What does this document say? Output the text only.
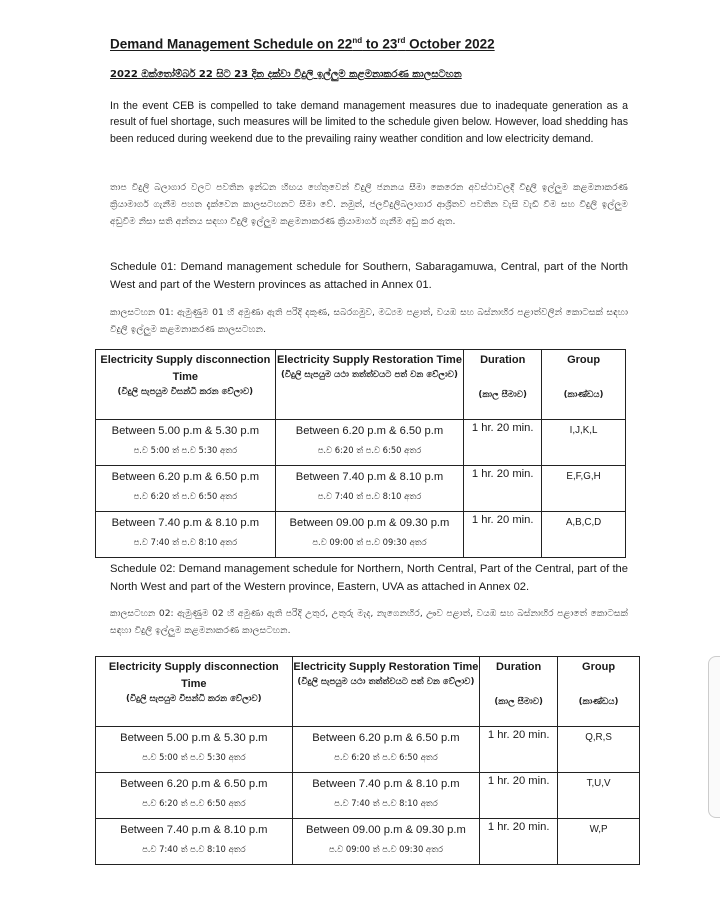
Demand Management Schedule on 22nd to 23rd October 2022
2022 ඔක්තෝම්බර් 22 සිට 23 දින දක්වා විදුලි ඉල්ලුම කළමනාකරණ කාලසටහන
In the event CEB is compelled to take demand management measures due to inadequate generation as a result of fuel shortage, such measures will be limited to the schedule given below. However, load shedding has been reduced during weekend due to the prevailing rainy weather condition and low electricity demand.
තාප විදුලි බලාගාර වලට පවතින ඉන්ධන හිඟය හේතුවෙන් විදුලි ජනනය සීමා කෙරෙන අවස්ථාවලදී විදුලි ඉල්ලුම කළමනාකරණ ක්‍රියාමාර්ග ගැනීම පහත දැක්වෙන කාලසටහනට සීමා වේ. නමුත්, ජලවිදුලිබලාගාර ආශ්‍රිතව පවතින වැසි වැඩි වීම සහ විදුලි ඉල්ලුම අඩුවීම නිසා සති අන්තය සඳහා විදුලි ඉල්ලුම කළමනාකරණ ක්‍රියාමාර්ග ගැනීම අඩු කර ඇත.
Schedule 01: Demand management schedule for Southern, Sabaragamuwa, Central, part of the North West and part of the Western provinces as attached in Annex 01.
කාලසටහන 01: ඇමුණුම 01 හි අමුණා ඇති පරිදි දකුණ, සබරගමුව, මධ්‍යම පළාත්, වයඹ සහ බස්නාහිර පළාත්වලින් කොටසක් සඳහා විදුලි ඉල්ලුම කළමනාකරණ කාලසටහන.
Electricity Supply disconnection Time
(විදුලි සැපයුම විසන්ධි කරන වේලාව)	Electricity Supply Restoration Time
(විදුලි සැපයුම යථා තත්ත්වයට පත් වන වේලාව)	Duration
(කාල සීමාව)	Group
(කාණ්ඩය)

Between 5.00 p.m & 5.30 p.m
ප.ව 5:00 ත් ප.ව 5:30 අතර	Between 6.20 p.m & 6.50 p.m
ප.ව 6:20 ත් ප.ව 6:50 අතර	1 hr. 20 min.	I,J,K,L

Between 6.20 p.m & 6.50 p.m
ප.ව 6:20 ත් ප.ව 6:50 අතර	Between 7.40 p.m & 8.10 p.m
ප.ව 7:40 ත් ප.ව 8:10 අතර	1 hr. 20 min.	E,F,G,H

Between 7.40 p.m & 8.10 p.m
ප.ව 7:40 ත් ප.ව 8:10 අතර	Between 09.00 p.m & 09.30 p.m
ප.ව 09:00 ත් ප.ව 09:30 අතර	1 hr. 20 min.	A,B,C,D
Schedule 02: Demand management schedule for Northern, North Central, Part of the Central, part of the North West and part of the Western province, Eastern, UVA as attached in Annex 02.
කාලසටහන 02: ඇමුණුම 02 හි අමුණා ඇති පරිදි උතුර, උතුරු මැද, නැගෙනහිර, ඌව පළාත්, වයඹ සහ බස්නාහිර පළාතේ කොටසක් සඳහා විදුලි ඉල්ලුම කළමනාකරණ කාලසටහන.
Electricity Supply disconnection Time
(විදුලි සැපයුම විසන්ධි කරන වේලාව)	Electricity Supply Restoration Time
(විදුලි සැපයුම යථා තත්ත්වයට පත් වන වේලාව)	Duration
(කාල සීමාව)	Group
(කාණ්ඩය)

Between 5.00 p.m & 5.30 p.m
ප.ව 5:00 ත් ප.ව 5:30 අතර	Between 6.20 p.m & 6.50 p.m
ප.ව 6:20 ත් ප.ව 6:50 අතර	1 hr. 20 min.	Q,R,S

Between 6.20 p.m & 6.50 p.m
ප.ව 6:20 ත් ප.ව 6:50 අතර	Between 7.40 p.m & 8.10 p.m
ප.ව 7:40 ත් ප.ව 8:10 අතර	1 hr. 20 min.	T,U,V

Between 7.40 p.m & 8.10 p.m
ප.ව 7:40 ත් ප.ව 8:10 අතර	Between 09.00 p.m & 09.30 p.m
ප.ව 09:00 ත් ප.ව 09:30 අතර	1 hr. 20 min.	W,P
